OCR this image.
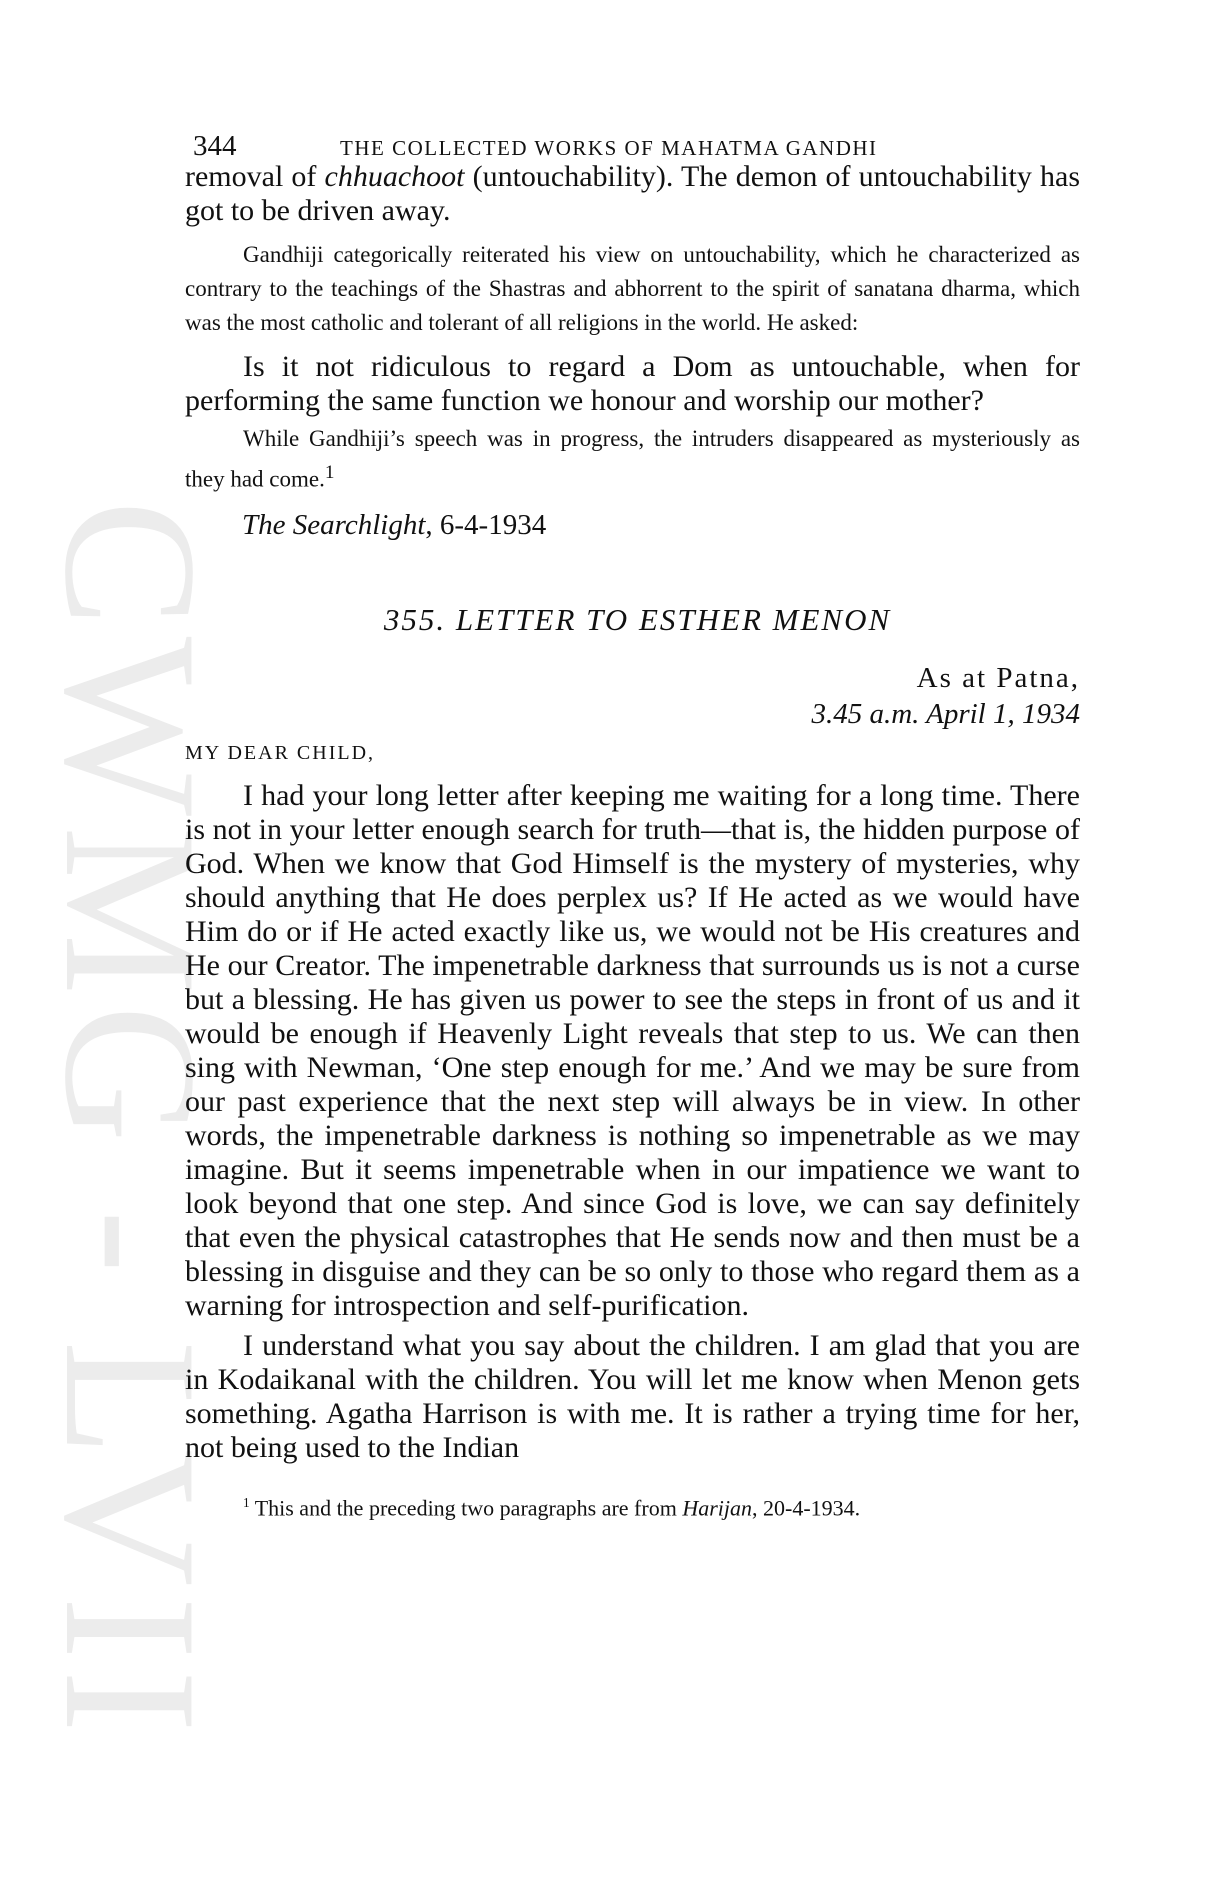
CWMG - LVII
344	THE COLLECTED WORKS OF MAHATMA GANDHI

removal of chhuachoot (untouchability). The demon of untouchability has got to be driven away.

Gandhiji categorically reiterated his view on untouchability, which he characterized as contrary to the teachings of the Shastras and abhorrent to the spirit of sanatana dharma, which was the most catholic and tolerant of all religions in the world. He asked:

Is it not ridiculous to regard a Dom as untouchable, when for performing the same function we honour and worship our mother?

While Gandhiji’s speech was in progress, the intruders disappeared as mysteriously as they had come.$^1$

The Searchlight, 6-4-1934
355. LETTER TO ESTHER MENON
As at Patna,
3.45 a.m. April 1, 1934
MY DEAR CHILD,

I had your long letter after keeping me waiting for a long time. There is not in your letter enough search for truth—that is, the hidden purpose of God. When we know that God Himself is the mystery of mysteries, why should anything that He does perplex us? If He acted as we would have Him do or if He acted exactly like us, we would not be His creatures and He our Creator. The impenetrable darkness that surrounds us is not a curse but a blessing. He has given us power to see the steps in front of us and it would be enough if Heavenly Light reveals that step to us. We can then sing with Newman, ‘One step enough for me.’ And we may be sure from our past experience that the next step will always be in view. In other words, the impenetrable darkness is nothing so impenetrable as we may imagine. But it seems impenetrable when in our impatience we want to look beyond that one step. And since God is love, we can say definitely that even the physical catastrophes that He sends now and then must be a blessing in disguise and they can be so only to those who regard them as a warning for introspection and self-purification.

I understand what you say about the children. I am glad that you are in Kodaikanal with the children. You will let me know when Menon gets something. Agatha Harrison is with me. It is rather a trying time for her, not being used to the Indian

$^1$ This and the preceding two paragraphs are from Harijan, 20-4-1934.
